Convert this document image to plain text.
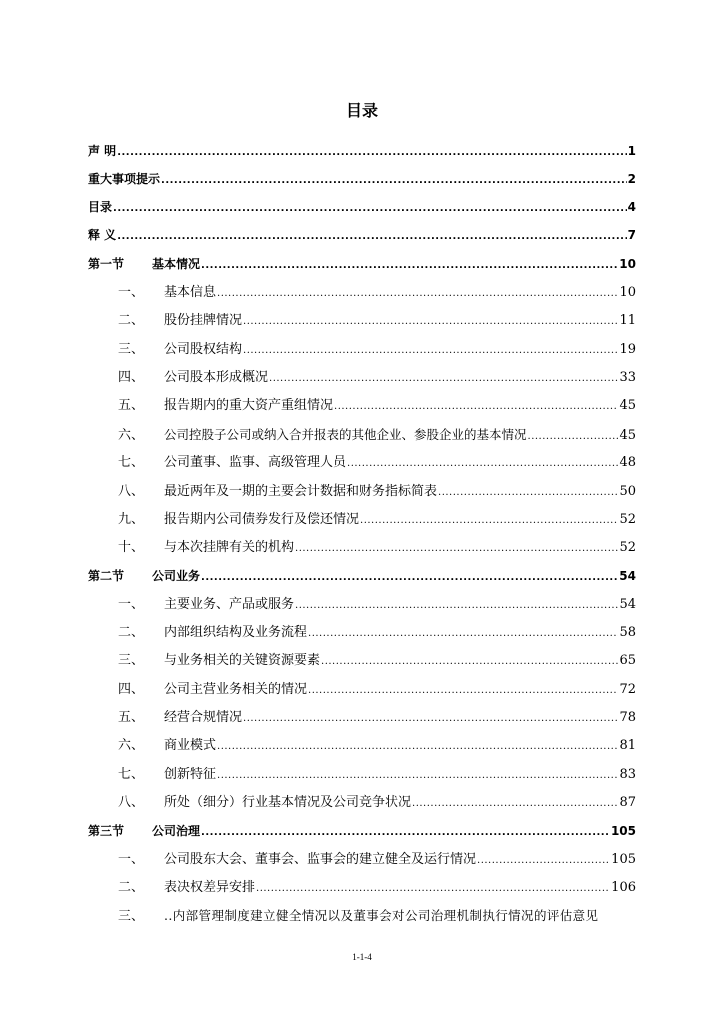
目录
声 明 .....	1
重大事项提示 .....	2
目录 .....	4
释 义 .....	7
第一节	基本情况 .....	10
一、	基本信息 .....	10
二、	股份挂牌情况 .....	11
三、	公司股权结构 .....	19
四、	公司股本形成概况 .....	33
五、	报告期内的重大资产重组情况 .....	45
六、	公司控股子公司或纳入合并报表的其他企业、参股企业的基本情况 .....	45
七、	公司董事、监事、高级管理人员 .....	48
八、	最近两年及一期的主要会计数据和财务指标简表 .....	50
九、	报告期内公司债券发行及偿还情况 .....	52
十、	与本次挂牌有关的机构 .....	52
第二节	公司业务 .....	54
一、	主要业务、产品或服务 .....	54
二、	内部组织结构及业务流程 .....	58
三、	与业务相关的关键资源要素 .....	65
四、	公司主营业务相关的情况 .....	72
五、	经营合规情况 .....	78
六、	商业模式 .....	81
七、	创新特征 .....	83
八、	所处（细分）行业基本情况及公司竞争状况 .....	87
第三节	公司治理 .....	105
一、	公司股东大会、董事会、监事会的建立健全及运行情况 .....	105
二、	表决权差异安排 .....	106
三、	..内部管理制度建立健全情况以及董事会对公司治理机制执行情况的评估意见
1-1-4
